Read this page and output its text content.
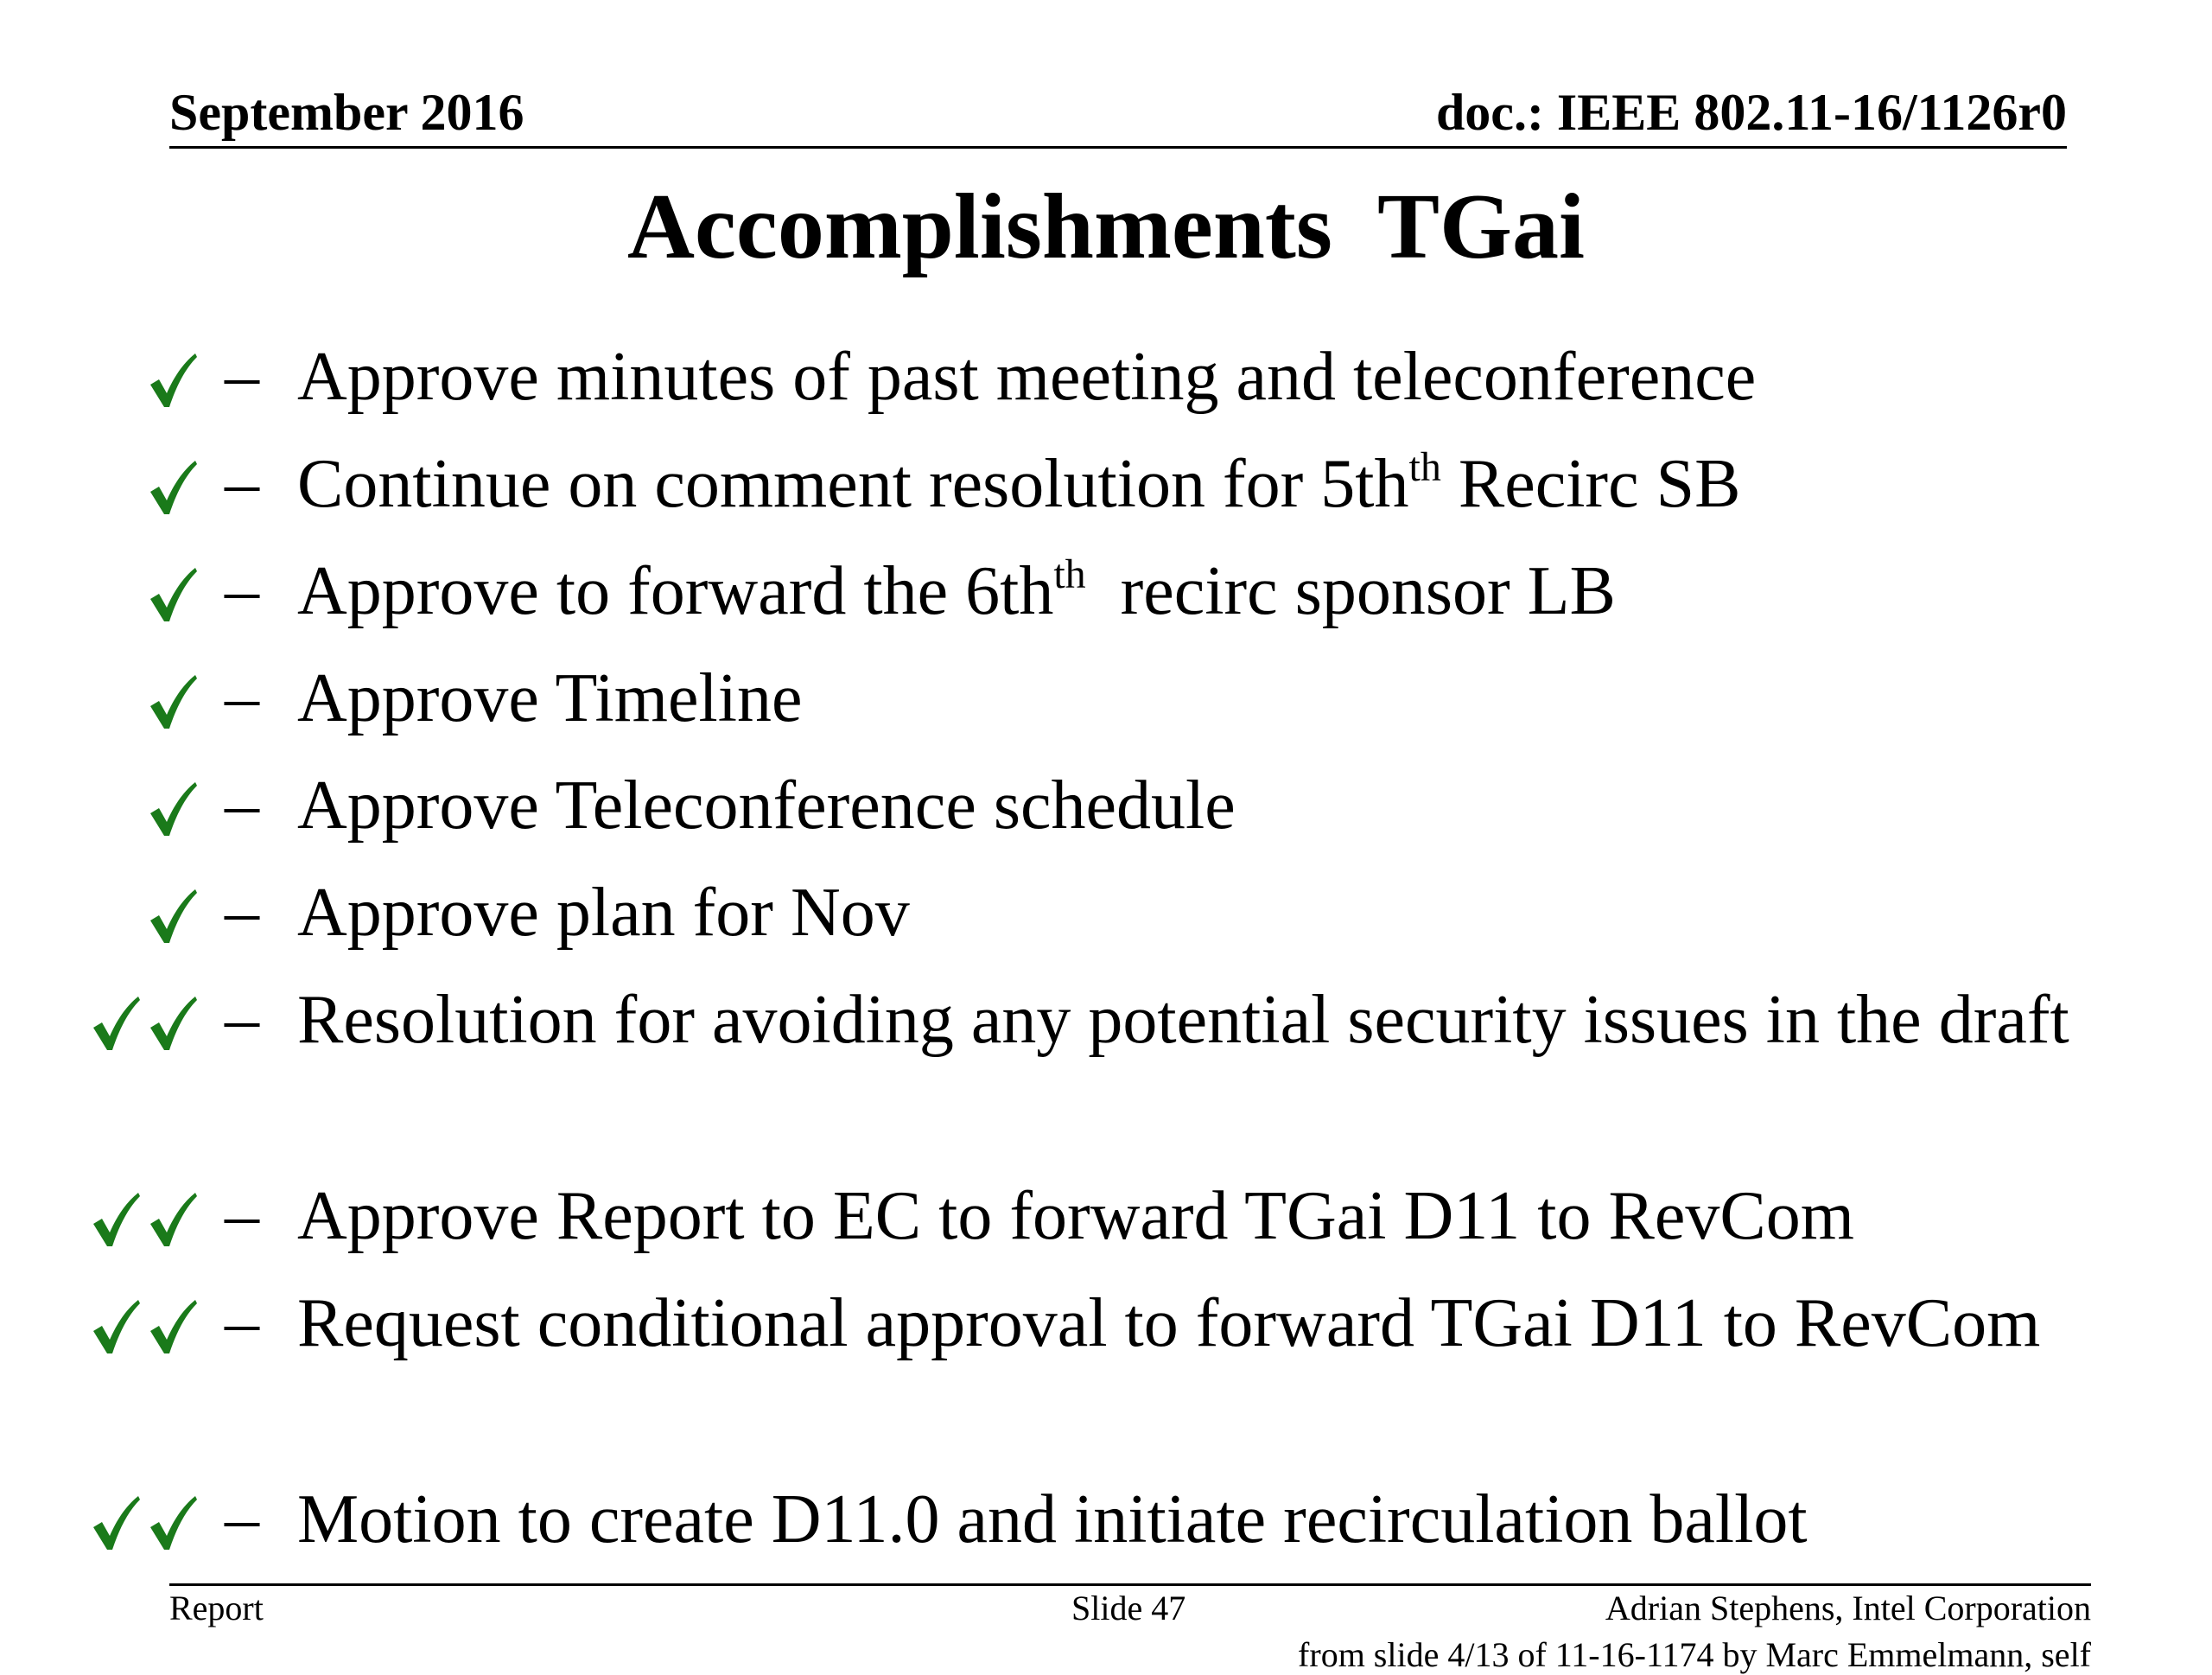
September 2016	doc.: IEEE 802.11-16/1126r0
Accomplishments  TGai
– Approve minutes of past meeting and teleconference
– Continue on comment resolution for $5th^{th}$ Recirc SB
– Approve to forward the $6th^{th}$  recirc sponsor LB
– Approve Timeline
– Approve Teleconference schedule
– Approve plan for Nov
– Resolution for avoiding any potential security issues in the draft
– Approve Report to EC to forward TGai D11 to RevCom
– Request conditional approval to forward TGai D11 to RevCom
– Motion to create D11.0 and initiate recirculation ballot
Report	Slide 47	Adrian Stephens, Intel Corporation
from slide 4/13 of 11-16-1174 by Marc Emmelmann, self
